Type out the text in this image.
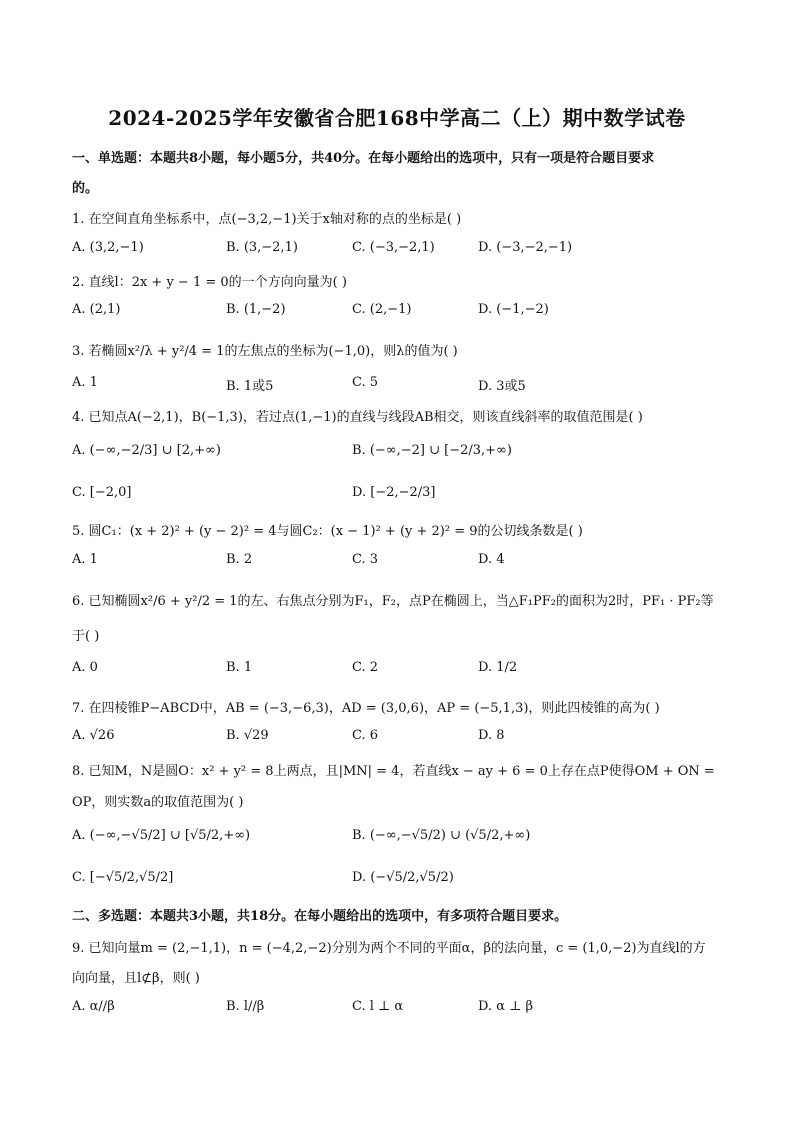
2024-2025学年安徽省合肥168中学高二（上）期中数学试卷
一、单选题：本题共8小题，每小题5分，共40分。在每小题给出的选项中，只有一项是符合题目要求
的。
1. 在空间直角坐标系中，点(−3,2,−1)关于x轴对称的点的坐标是( )
A. (3,2,−1)	B. (3,−2,1)	C. (−3,−2,1)	D. (−3,−2,−1)
2. 直线l：2x + y − 1 = 0的一个方向向量为( )
A. (2,1)	B. (1,−2)	C. (2,−1)	D. (−1,−2)
3. 若椭圆x²/λ + y²/4 = 1的左焦点的坐标为(−1,0)，则λ的值为( )
A. 1	B. 1或5	C. 5	D. 3或5
4. 已知点A(−2,1)，B(−1,3)，若过点(1,−1)的直线与线段AB相交，则该直线斜率的取值范围是( )
A. (−∞,−2/3] ∪ [2,+∞)	B. (−∞,−2] ∪ [−2/3,+∞)
C. [−2,0]	D. [−2,−2/3]
5. 圆C₁：(x + 2)² + (y − 2)² = 4与圆C₂：(x − 1)² + (y + 2)² = 9的公切线条数是( )
A. 1	B. 2	C. 3	D. 4
6. 已知椭圆x²/6 + y²/2 = 1的左、右焦点分别为F₁，F₂，点P在椭圆上，当△F₁PF₂的面积为2时，PF₁ · PF₂等
于( )
A. 0	B. 1	C. 2	D. 1/2
7. 在四棱锥P−ABCD中，AB = (−3,−6,3)，AD = (3,0,6)，AP = (−5,1,3)，则此四棱锥的高为( )
A. √26	B. √29	C. 6	D. 8
8. 已知M，N是圆O：x² + y² = 8上两点，且|MN| = 4，若直线x − ay + 6 = 0上存在点P使得OM + ON =
OP，则实数a的取值范围为( )
A. (−∞,−√5/2] ∪ [√5/2,+∞)	B. (−∞,−√5/2) ∪ (√5/2,+∞)
C. [−√5/2,√5/2]	D. (−√5/2,√5/2)
二、多选题：本题共3小题，共18分。在每小题给出的选项中，有多项符合题目要求。
9. 已知向量m = (2,−1,1)，n = (−4,2,−2)分别为两个不同的平面α，β的法向量，c = (1,0,−2)为直线l的方
向向量，且l⊄β，则( )
A. α//β	B. l//β	C. l ⊥ α	D. α ⊥ β
